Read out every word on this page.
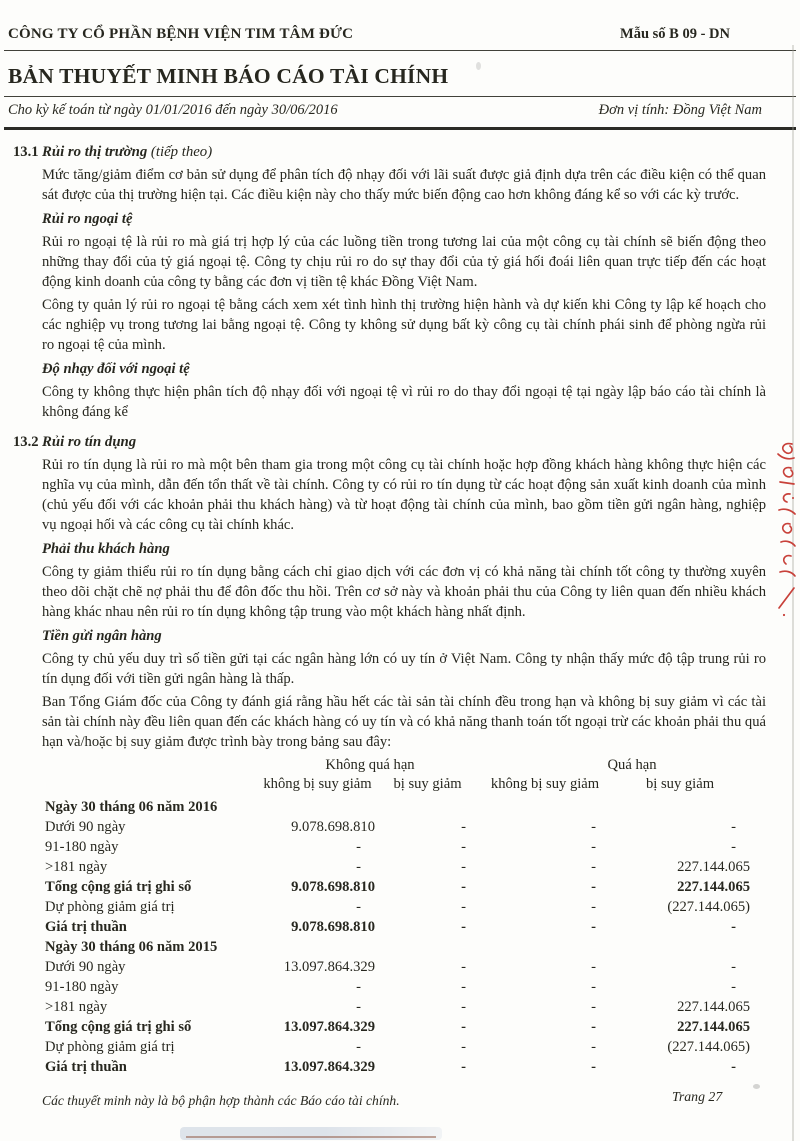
CÔNG TY CỔ PHẦN BỆNH VIỆN TIM TÂM ĐỨC	Mẫu số B 09 - DN
BẢN THUYẾT MINH BÁO CÁO TÀI CHÍNH
Cho kỳ kế toán từ ngày 01/01/2016 đến ngày 30/06/2016	Đơn vị tính: Đồng Việt Nam
13.1 Rủi ro thị trường (tiếp theo)

Mức tăng/giảm điểm cơ bản sử dụng để phân tích độ nhạy đối với lãi suất được giả định dựa trên các điều kiện có thể quan sát được của thị trường hiện tại. Các điều kiện này cho thấy mức biến động cao hơn không đáng kể so với các kỳ trước.

Rủi ro ngoại tệ

Rủi ro ngoại tệ là rủi ro mà giá trị hợp lý của các luồng tiền trong tương lai của một công cụ tài chính sẽ biến động theo những thay đổi của tỷ giá ngoại tệ. Công ty chịu rủi ro do sự thay đổi của tỷ giá hối đoái liên quan trực tiếp đến các hoạt động kinh doanh của công ty bằng các đơn vị tiền tệ khác Đồng Việt Nam.

Công ty quản lý rủi ro ngoại tệ bằng cách xem xét tình hình thị trường hiện hành và dự kiến khi Công ty lập kế hoạch cho các nghiệp vụ trong tương lai bằng ngoại tệ. Công ty không sử dụng bất kỳ công cụ tài chính phái sinh để phòng ngừa rủi ro ngoại tệ của mình.

Độ nhạy đối với ngoại tệ

Công ty không thực hiện phân tích độ nhạy đối với ngoại tệ vì rủi ro do thay đổi ngoại tệ tại ngày lập báo cáo tài chính là không đáng kể

13.2 Rủi ro tín dụng

Rủi ro tín dụng là rủi ro mà một bên tham gia trong một công cụ tài chính hoặc hợp đồng khách hàng không thực hiện các nghĩa vụ của mình, dẫn đến tổn thất về tài chính. Công ty có rủi ro tín dụng từ các hoạt động sản xuất kinh doanh của mình (chủ yếu đối với các khoản phải thu khách hàng) và từ hoạt động tài chính của mình, bao gồm tiền gửi ngân hàng, nghiệp vụ ngoại hối và các công cụ tài chính khác.

Phải thu khách hàng

Công ty giảm thiểu rủi ro tín dụng bằng cách chỉ giao dịch với các đơn vị có khả năng tài chính tốt công ty thường xuyên theo dõi chặt chẽ nợ phải thu để đôn đốc thu hồi. Trên cơ sở này và khoản phải thu của Công ty liên quan đến nhiều khách hàng khác nhau nên rủi ro tín dụng không tập trung vào một khách hàng nhất định.

Tiền gửi ngân hàng

Công ty chủ yếu duy trì số tiền gửi tại các ngân hàng lớn có uy tín ở Việt Nam. Công ty nhận thấy mức độ tập trung rủi ro tín dụng đối với tiền gửi ngân hàng là thấp.

Ban Tổng Giám đốc của Công ty đánh giá rằng hầu hết các tài sản tài chính đều trong hạn và không bị suy giảm vì các tài sản tài chính này đều liên quan đến các khách hàng có uy tín và có khả năng thanh toán tốt ngoại trừ các khoản phải thu quá hạn và/hoặc bị suy giảm được trình bày trong bảng sau đây:

	Không quá hạn		Quá hạn	
	không bị suy giảm	bị suy giảm	không bị suy giảm	bị suy giảm

Ngày 30 tháng 06 năm 2016				
Dưới 90 ngày	9.078.698.810	-	-	-
91-180 ngày	-	-	-	-
>181 ngày	-	-	-	227.144.065
Tổng cộng giá trị ghi sổ	9.078.698.810	-	-	227.144.065
Dự phòng giảm giá trị	-	-	-	(227.144.065)
Giá trị thuần	9.078.698.810	-	-	-
Ngày 30 tháng 06 năm 2015				
Dưới 90 ngày	13.097.864.329	-	-	-
91-180 ngày	-	-	-	-
>181 ngày	-	-	-	227.144.065
Tổng cộng giá trị ghi sổ	13.097.864.329	-	-	227.144.065
Dự phòng giảm giá trị	-	-	-	(227.144.065)
Giá trị thuần	13.097.864.329	-	-	-
Các thuyết minh này là bộ phận hợp thành các Báo cáo tài chính.	Trang 27
